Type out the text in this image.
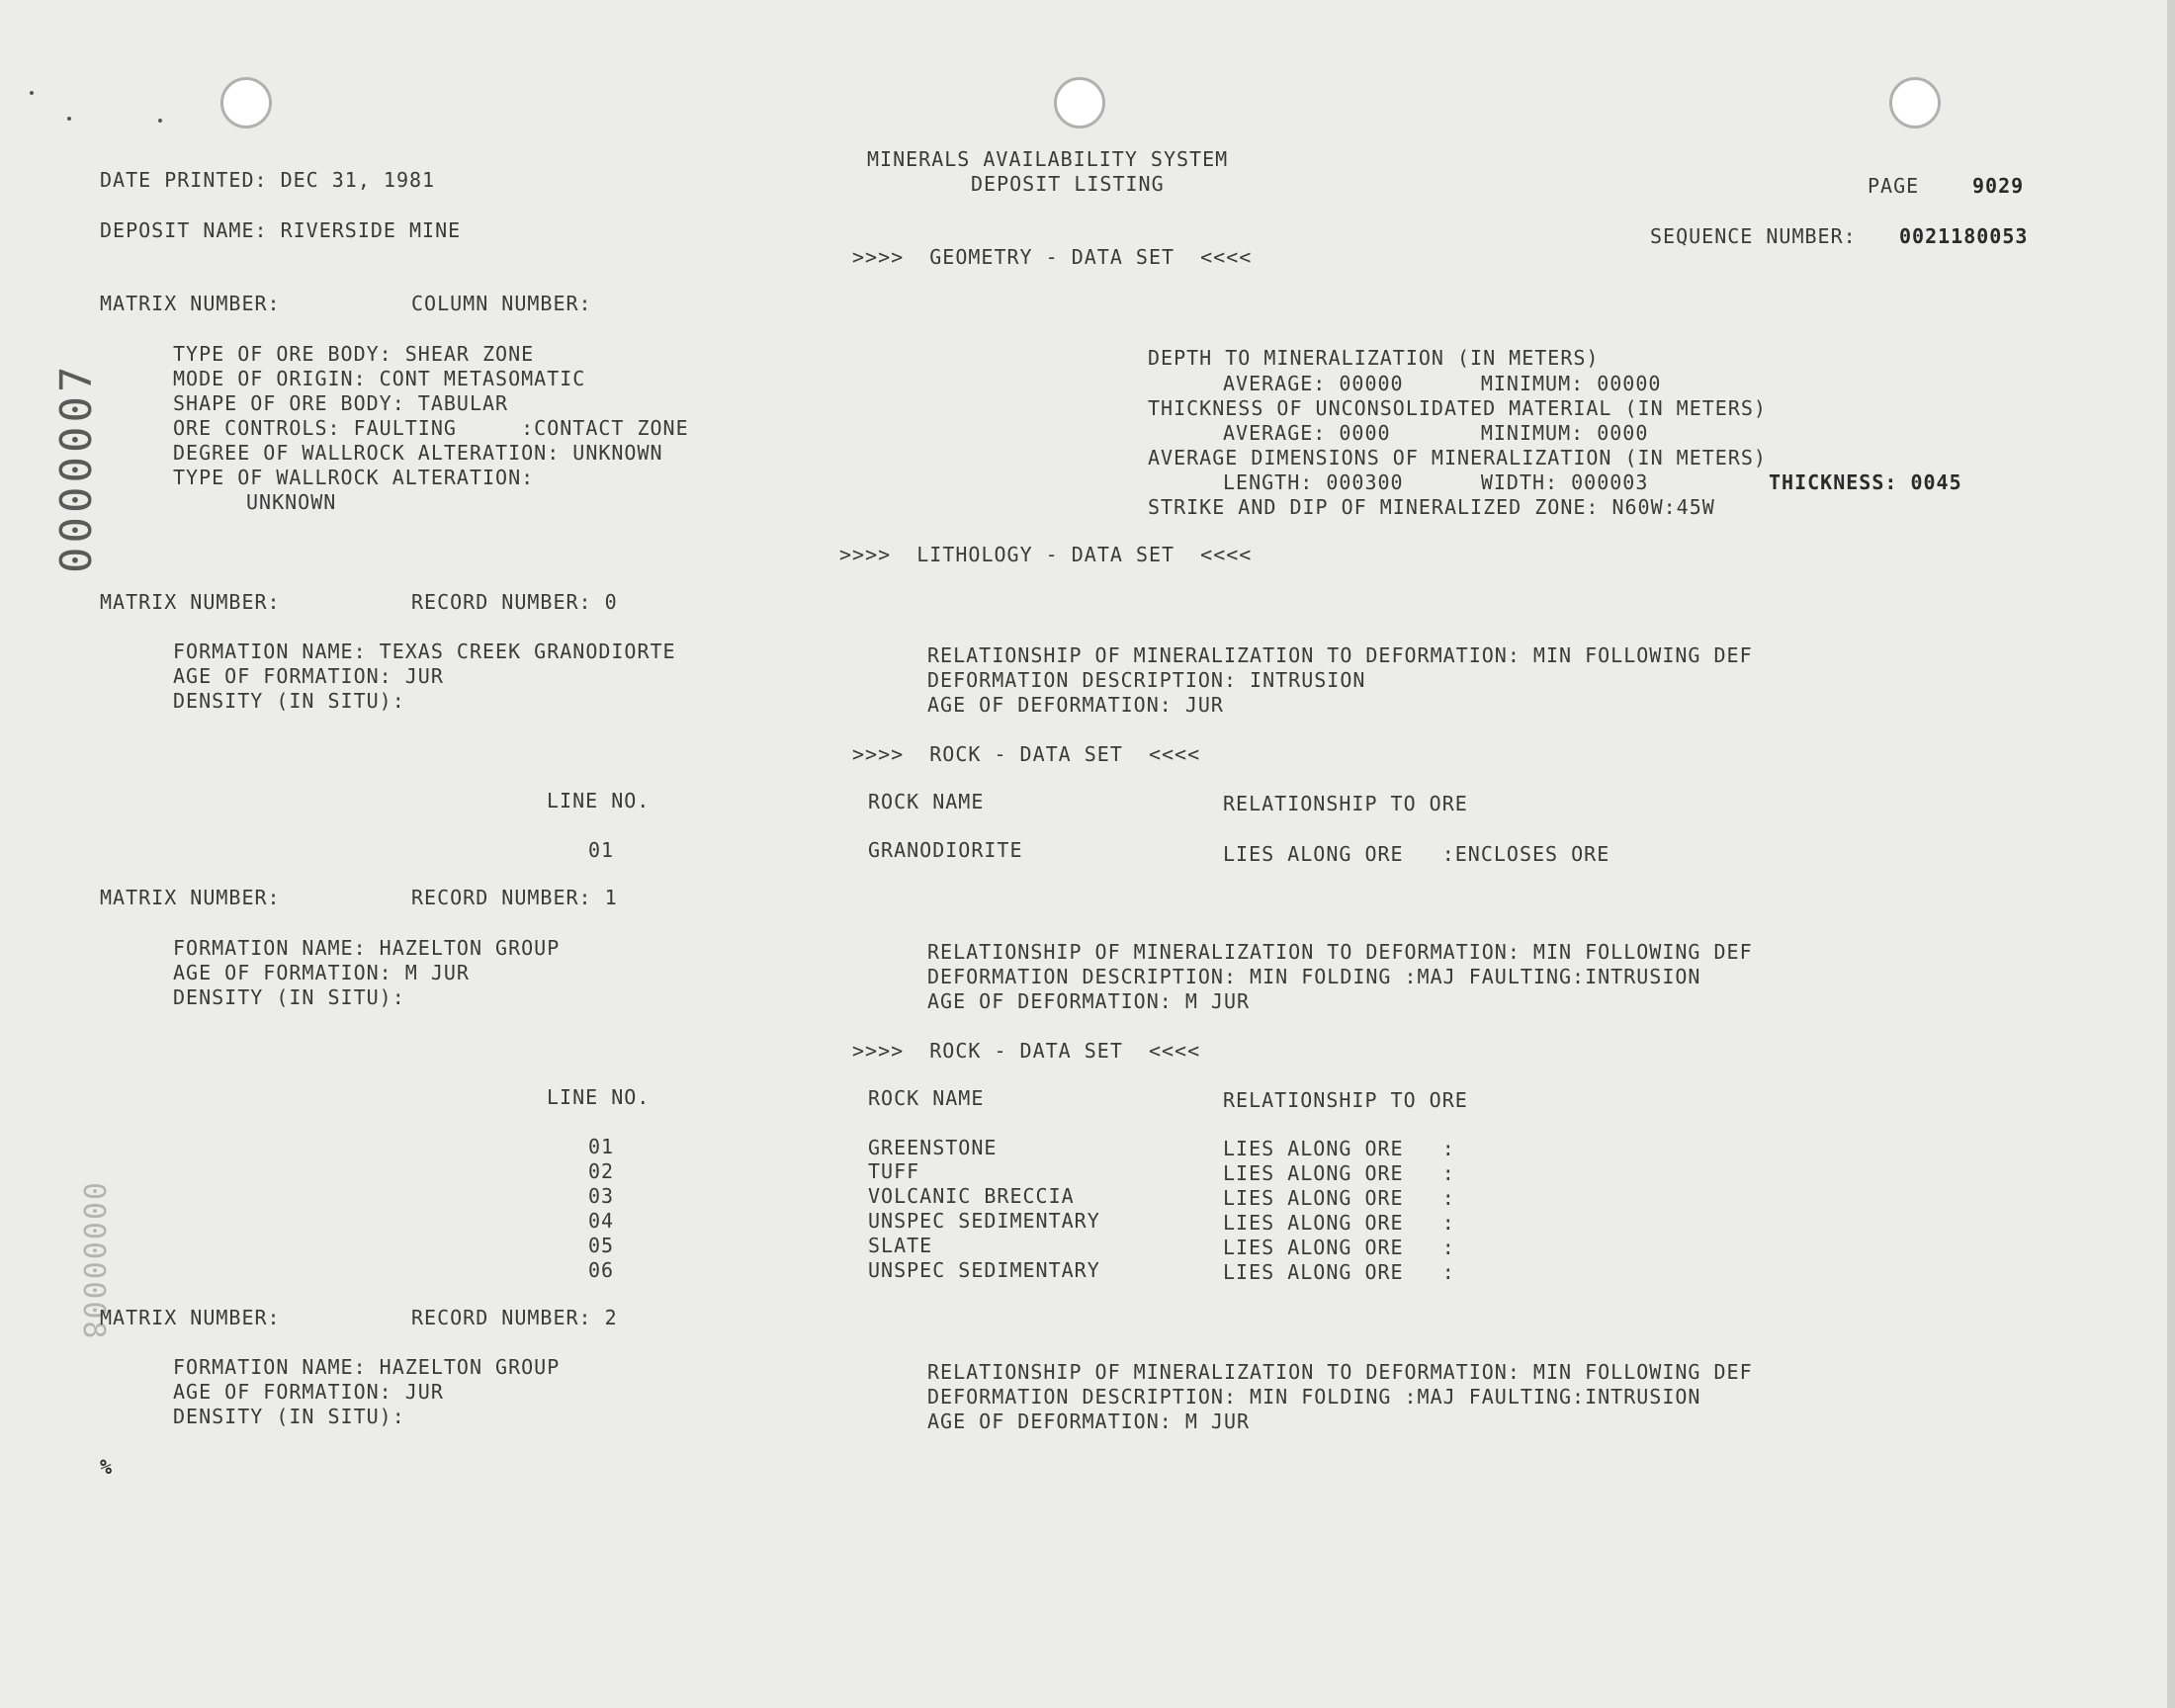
0000007
00000008
MINERALS AVAILABILITY SYSTEM
DEPOSIT LISTING
DATE PRINTED: DEC 31, 1981	PAGE	9029
DEPOSIT NAME: RIVERSIDE MINE	SEQUENCE NUMBER: 0021180053
>>>>  GEOMETRY - DATA SET  <<<<
MATRIX NUMBER:	COLUMN NUMBER:
TYPE OF ORE BODY: SHEAR ZONE
MODE OF ORIGIN: CONT METASOMATIC
SHAPE OF ORE BODY: TABULAR
ORE CONTROLS: FAULTING     :CONTACT ZONE
DEGREE OF WALLROCK ALTERATION: UNKNOWN
TYPE OF WALLROCK ALTERATION:
UNKNOWN
DEPTH TO MINERALIZATION (IN METERS)
AVERAGE: 00000      MINIMUM: 00000
THICKNESS OF UNCONSOLIDATED MATERIAL (IN METERS)
AVERAGE: 0000       MINIMUM: 0000
AVERAGE DIMENSIONS OF MINERALIZATION (IN METERS)
LENGTH: 000300      WIDTH: 000003	THICKNESS: 0045
STRIKE AND DIP OF MINERALIZED ZONE: N60W:45W
>>>>  LITHOLOGY - DATA SET  <<<<
MATRIX NUMBER:	RECORD NUMBER: 0
FORMATION NAME: TEXAS CREEK GRANODIORTE
AGE OF FORMATION: JUR
DENSITY (IN SITU):
RELATIONSHIP OF MINERALIZATION TO DEFORMATION: MIN FOLLOWING DEF
DEFORMATION DESCRIPTION: INTRUSION
AGE OF DEFORMATION: JUR
>>>>  ROCK - DATA SET  <<<<
LINE NO.	ROCK NAME	RELATIONSHIP TO ORE
01	GRANODIORITE	LIES ALONG ORE   :ENCLOSES ORE
MATRIX NUMBER:	RECORD NUMBER: 1
FORMATION NAME: HAZELTON GROUP
AGE OF FORMATION: M JUR
DENSITY (IN SITU):
RELATIONSHIP OF MINERALIZATION TO DEFORMATION: MIN FOLLOWING DEF
DEFORMATION DESCRIPTION: MIN FOLDING :MAJ FAULTING:INTRUSION
AGE OF DEFORMATION: M JUR
>>>>  ROCK - DATA SET  <<<<
LINE NO.	ROCK NAME	RELATIONSHIP TO ORE
01	GREENSTONE	LIES ALONG ORE   :
02	TUFF	LIES ALONG ORE   :
03	VOLCANIC BRECCIA	LIES ALONG ORE   :
04	UNSPEC SEDIMENTARY	LIES ALONG ORE   :
05	SLATE	LIES ALONG ORE   :
06	UNSPEC SEDIMENTARY	LIES ALONG ORE   :
MATRIX NUMBER:	RECORD NUMBER: 2
FORMATION NAME: HAZELTON GROUP
AGE OF FORMATION: JUR
DENSITY (IN SITU):
RELATIONSHIP OF MINERALIZATION TO DEFORMATION: MIN FOLLOWING DEF
DEFORMATION DESCRIPTION: MIN FOLDING :MAJ FAULTING:INTRUSION
AGE OF DEFORMATION: M JUR
%
